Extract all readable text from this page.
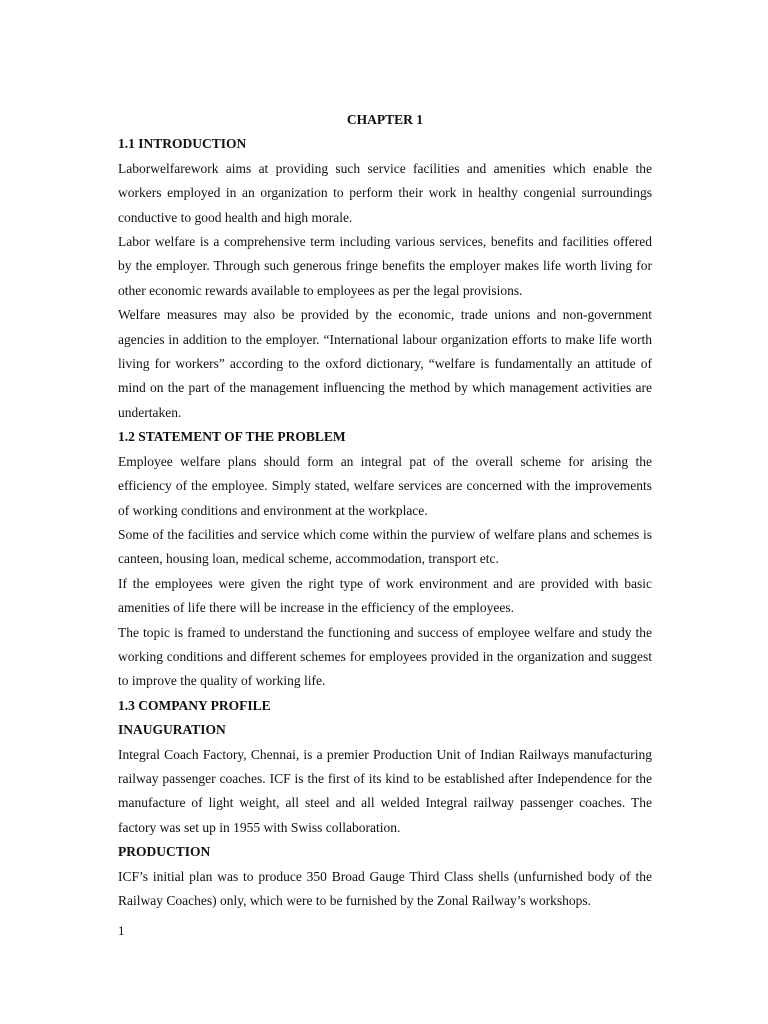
CHAPTER 1
1.1 INTRODUCTION
Laborwelfarework aims at providing such service facilities and amenities which enable the workers employed in an organization to perform their work in healthy congenial surroundings conductive to good health and high morale.
Labor welfare is a comprehensive term including various services, benefits and facilities offered by the employer. Through such generous fringe benefits the employer makes life worth living for other economic rewards available to employees as per the legal provisions.
Welfare measures may also be provided by the economic, trade unions and non-government agencies in addition to the employer. “International labour organization efforts to make life worth living for workers” according to the oxford dictionary, “welfare is fundamentally an attitude of mind on the part of the management influencing the method by which management activities are undertaken.
1.2 STATEMENT OF THE PROBLEM
Employee welfare plans should form an integral pat of the overall scheme for arising the efficiency of the employee. Simply stated, welfare services are concerned with the improvements of working conditions and environment at the workplace.
Some of the facilities and service which come within the purview of welfare plans and schemes is canteen, housing loan, medical scheme, accommodation, transport etc.
If the employees were given the right type of work environment and are provided with basic amenities of life there will be increase in the efficiency of the employees.
The topic is framed to understand the functioning and success of employee welfare and study the working conditions and different schemes for employees provided in the organization and suggest to improve the quality of working life.
1.3 COMPANY PROFILE
INAUGURATION
Integral Coach Factory, Chennai, is a premier Production Unit of Indian Railways manufacturing railway passenger coaches. ICF is the first of its kind to be established after Independence for the manufacture of light weight, all steel and all welded Integral railway passenger coaches. The factory was set up in 1955 with Swiss collaboration.
PRODUCTION
ICF’s initial plan was to produce 350 Broad Gauge Third Class shells (unfurnished body of the Railway Coaches) only, which were to be furnished by the Zonal Railway’s workshops.
1
